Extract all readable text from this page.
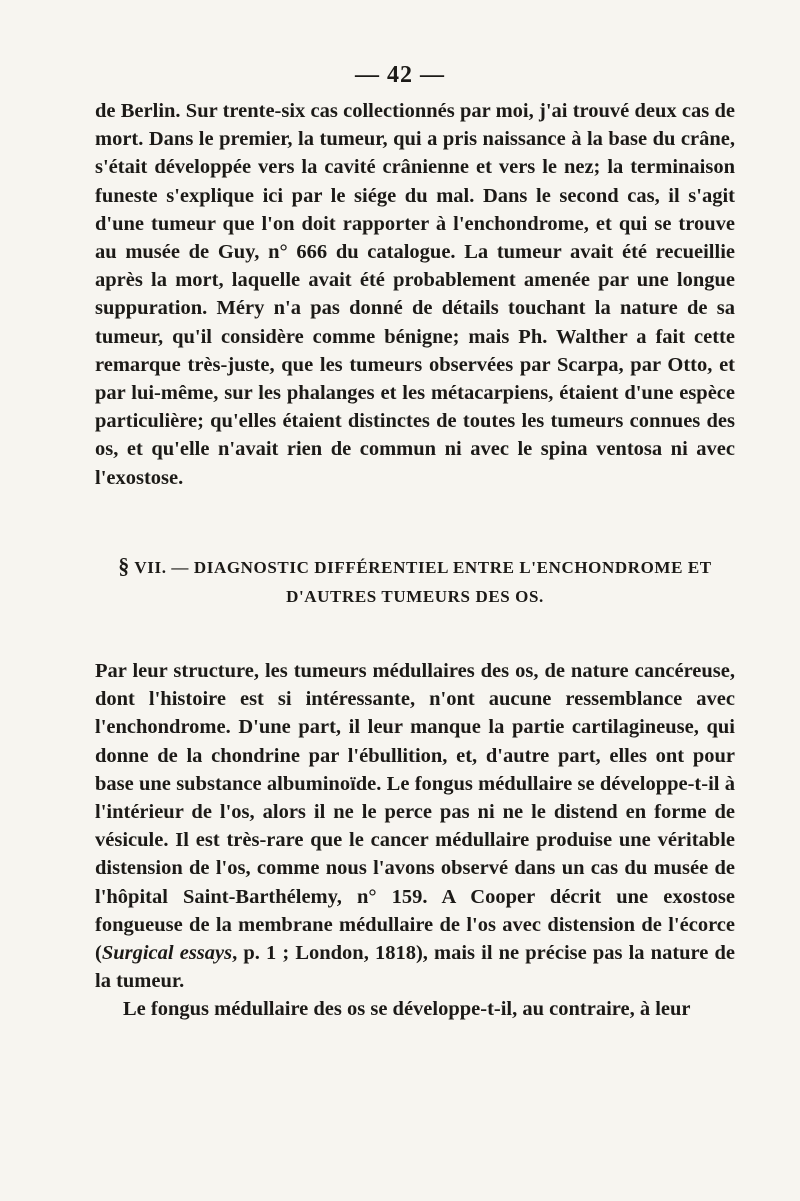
— 42 —

de Berlin. Sur trente-six cas collectionnés par moi, j'ai trouvé deux cas de mort. Dans le premier, la tumeur, qui a pris naissance à la base du crâne, s'était développée vers la cavité crânienne et vers le nez; la terminaison funeste s'explique ici par le siége du mal. Dans le second cas, il s'agit d'une tumeur que l'on doit rapporter à l'enchondrome, et qui se trouve au musée de Guy, n° 666 du catalogue. La tumeur avait été recueillie après la mort, laquelle avait été probablement amenée par une longue suppuration. Méry n'a pas donné de détails touchant la nature de sa tumeur, qu'il considère comme bénigne; mais Ph. Walther a fait cette remarque très-juste, que les tumeurs observées par Scarpa, par Otto, et par lui-même, sur les phalanges et les métacarpiens, étaient d'une espèce particulière; qu'elles étaient distinctes de toutes les tumeurs connues des os, et qu'elle n'avait rien de commun ni avec le spina ventosa ni avec l'exostose.

§ VII. — DIAGNOSTIC DIFFÉRENTIEL ENTRE L'ENCHONDROME ET
D'AUTRES TUMEURS DES OS.

Par leur structure, les tumeurs médullaires des os, de nature cancéreuse, dont l'histoire est si intéressante, n'ont aucune ressemblance avec l'enchondrome. D'une part, il leur manque la partie cartilagineuse, qui donne de la chondrine par l'ébullition, et, d'autre part, elles ont pour base une substance albuminoïde. Le fongus médullaire se développe-t-il à l'intérieur de l'os, alors il ne le perce pas ni ne le distend en forme de vésicule. Il est très-rare que le cancer médullaire produise une véritable distension de l'os, comme nous l'avons observé dans un cas du musée de l'hôpital Saint-Barthélemy, n° 159. A Cooper décrit une exostose fongueuse de la membrane médullaire de l'os avec distension de l'écorce (Surgical essays, p. 1 ; London, 1818), mais il ne précise pas la nature de la tumeur.

Le fongus médullaire des os se développe-t-il, au contraire, à leur
